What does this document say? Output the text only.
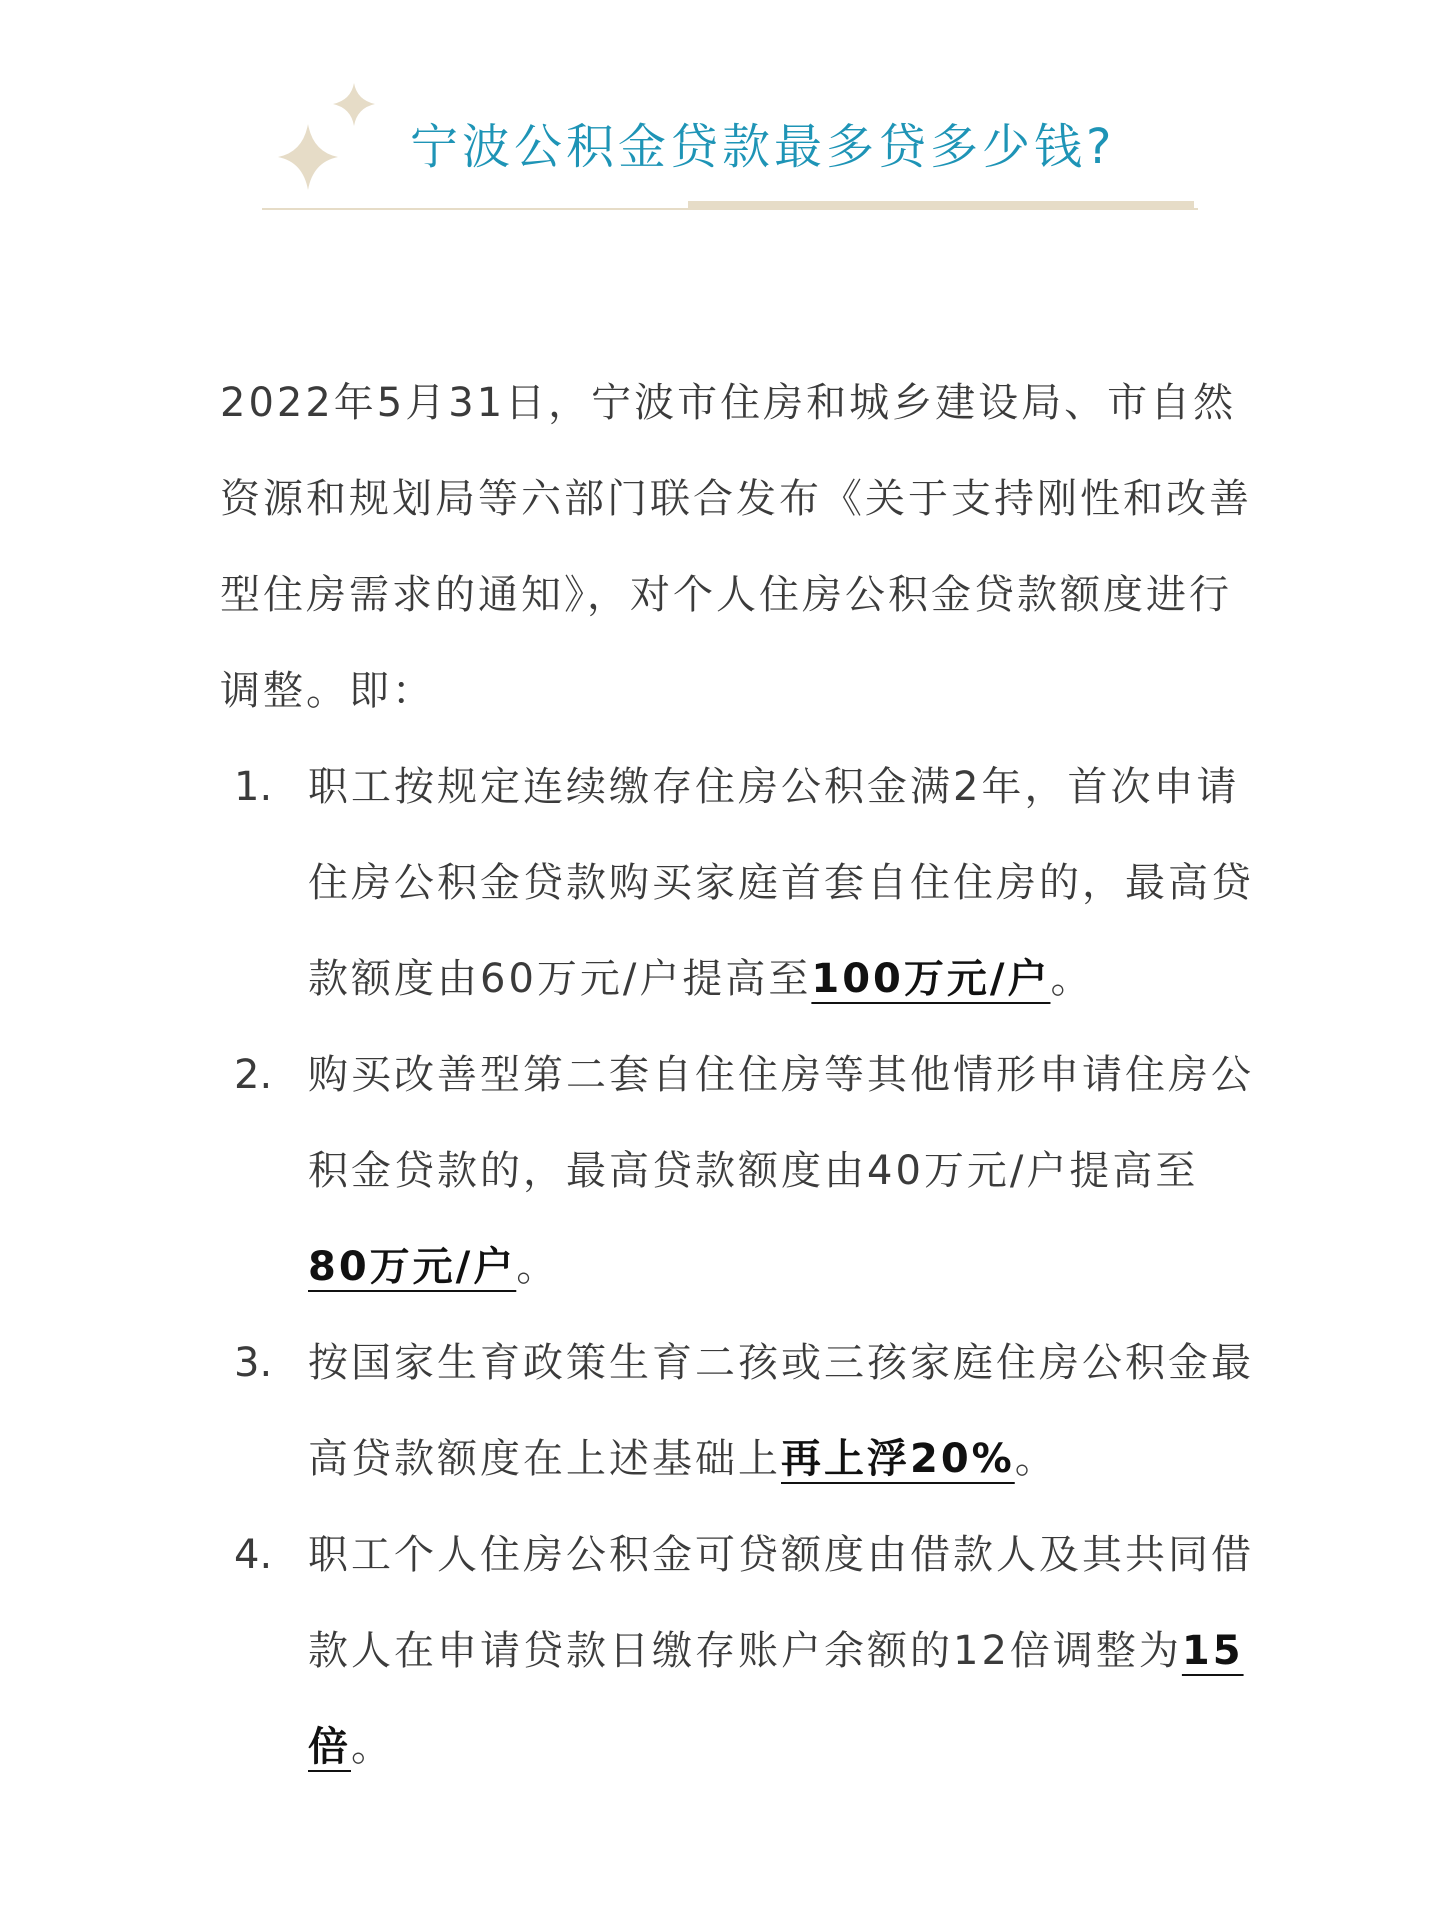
宁波公积金贷款最多贷多少钱?

2022年5月31日，宁波市住房和城乡建设局、市自然资源和规划局等六部门联合发布《关于支持刚性和改善型住房需求的通知》，对个人住房公积金贷款额度进行调整。即：

1. 职工按规定连续缴存住房公积金满2年，首次申请住房公积金贷款购买家庭首套自住住房的，最高贷款额度由60万元/户提高至100万元/户。
2. 购买改善型第二套自住住房等其他情形申请住房公积金贷款的，最高贷款额度由40万元/户提高至80万元/户。
3. 按国家生育政策生育二孩或三孩家庭住房公积金最高贷款额度在上述基础上再上浮20%。
4. 职工个人住房公积金可贷额度由借款人及其共同借款人在申请贷款日缴存账户余额的12倍调整为15倍。
